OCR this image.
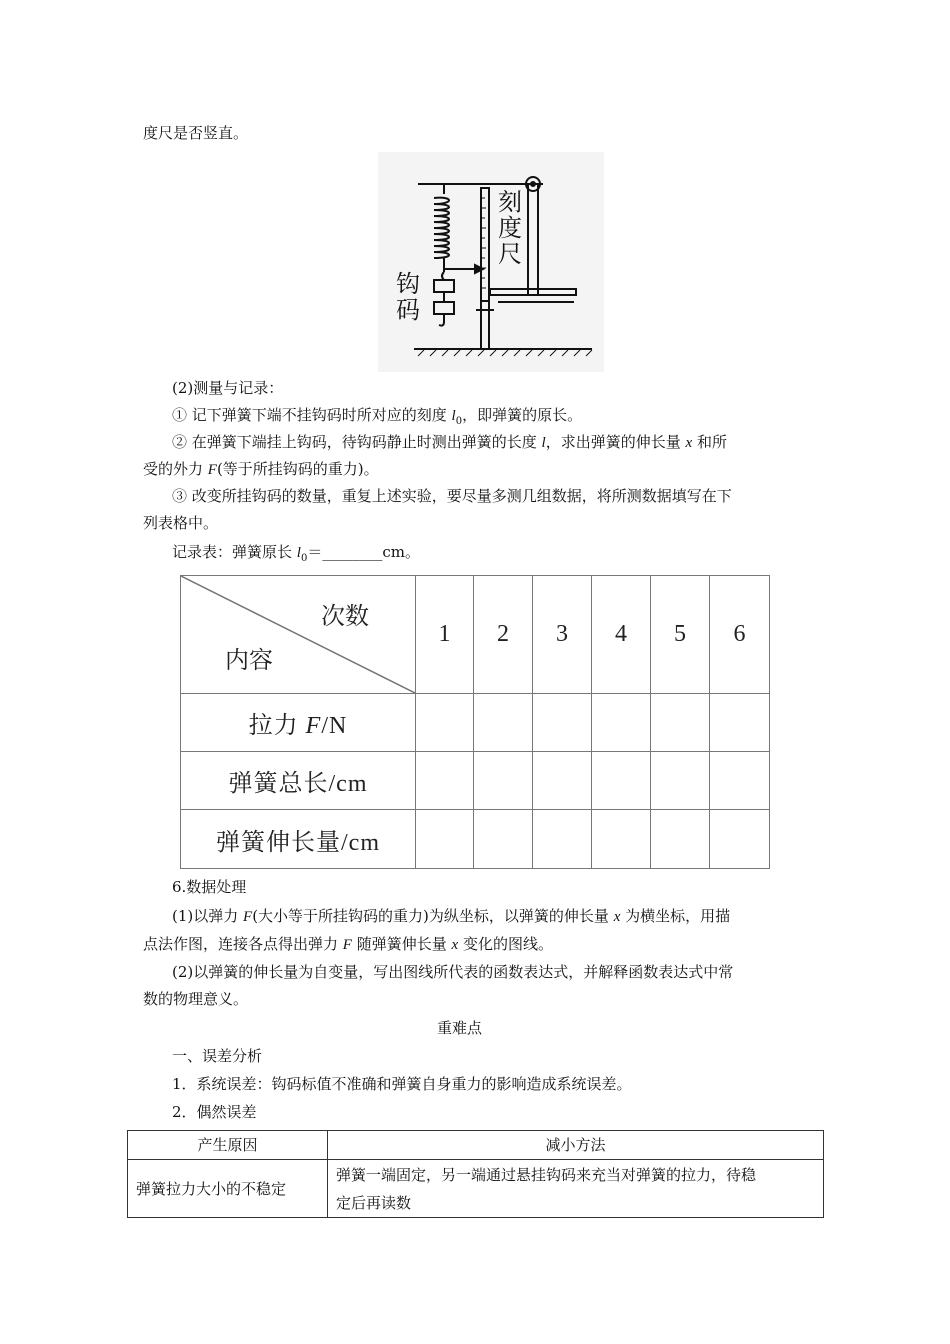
度尺是否竖直。
刻
度
尺
钩
码
(2)测量与记录：
① 记下弹簧下端不挂钩码时所对应的刻度 $l_0$，即弹簧的原长。
② 在弹簧下端挂上钩码，待钩码静止时测出弹簧的长度 l，求出弹簧的伸长量 x 和所
受的外力 F(等于所挂钩码的重力)。
③ 改变所挂钩码的数量，重复上述实验，要尽量多测几组数据，将所测数据填写在下
列表格中。
记录表：弹簧原长 $l_0=\_\_\_\_\_\_\_\_cm$。
次数
内容	1	2	3	4	5	6
拉力 F/N						
弹簧总长/cm						
弹簧伸长量/cm						
6.数据处理
(1)以弹力 F(大小等于所挂钩码的重力)为纵坐标，以弹簧的伸长量 x 为横坐标，用描
点法作图，连接各点得出弹力 F 随弹簧伸长量 x 变化的图线。
(2)以弹簧的伸长量为自变量，写出图线所代表的函数表达式，并解释函数表达式中常
数的物理意义。
重难点
一、误差分析
1．系统误差：钩码标值不准确和弹簧自身重力的影响造成系统误差。
2．偶然误差
产生原因	减小方法
弹簧拉力大小的不稳定	弹簧一端固定，另一端通过悬挂钩码来充当对弹簧的拉力，待稳
定后再读数
